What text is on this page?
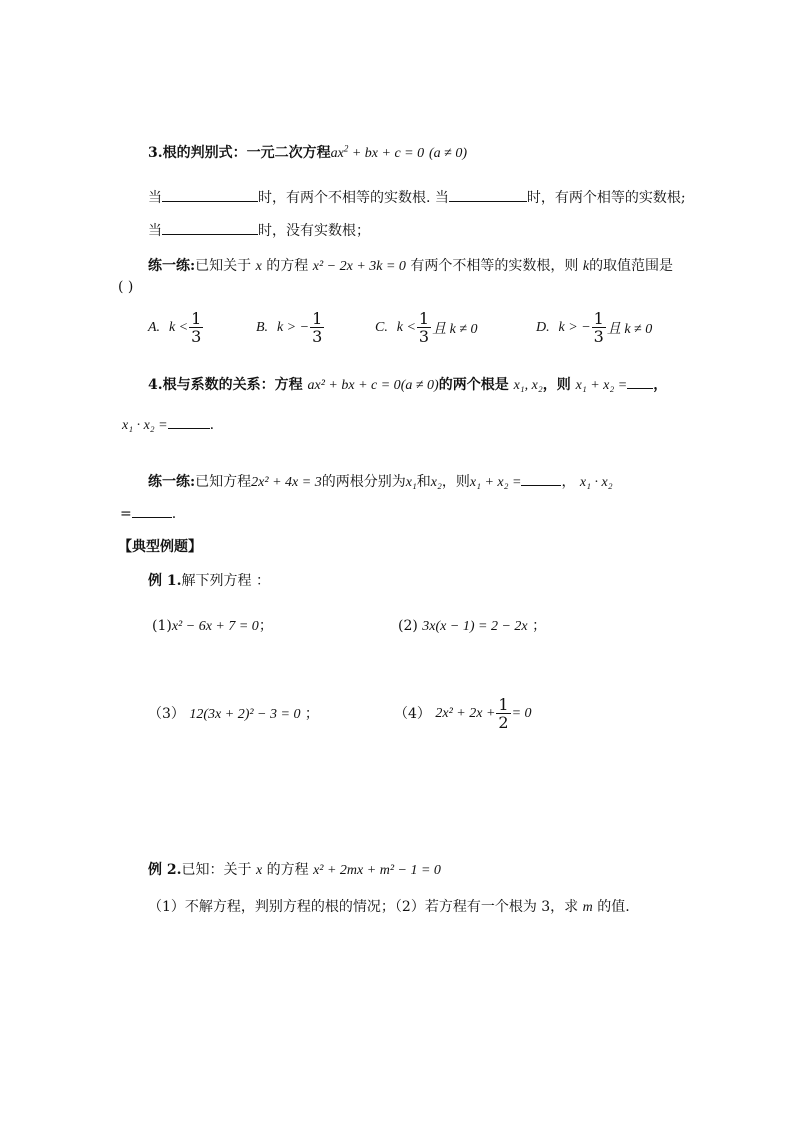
3.根的判别式：一元二次方程$ax^2$ + bx + c = 0 (a ≠ 0)
当	时，有两个不相等的实数根. 当	时，有两个相等的实数根;
当	时，没有实数根；
练一练:已知关于 x 的方程 x² − 2x + 3k = 0 有两个不相等的实数根，则 k的取值范围是
( )
A.
$k < \frac{1}{3}$	B.
k > − $\frac{1}{3}$	C.
$k < \frac{1}{3}$ 且 k ≠ 0	D.
k > − $\frac{1}{3}$ 且 k ≠ 0
4.根与系数的关系：方程 ax² + bx + c = 0(a ≠ 0)的两个根是 x₁, x₂，则 x₁ + x₂ = ，
x₁ · x₂ =	.
练一练:已知方程2x² + 4x = 3的两根分别为x₁和x₂，则x₁ + x₂ =	， x₁ · x₂
=	.
【典型例题】
例 1.解下列方程 ：
(1)x² − 6x + 7 = 0；	(2) 3x(x − 1) = 2 − 2x ；
（3） 12(3x + 2)² − 3 = 0 ；	（4）
$2x^2 + 2x + \frac{1}{2} = 0$
例 2.已知：关于 x 的方程 x² + 2mx + m² − 1 = 0
（1）不解方程，判别方程的根的情况；（2）若方程有一个根为 3，求 m 的值.
